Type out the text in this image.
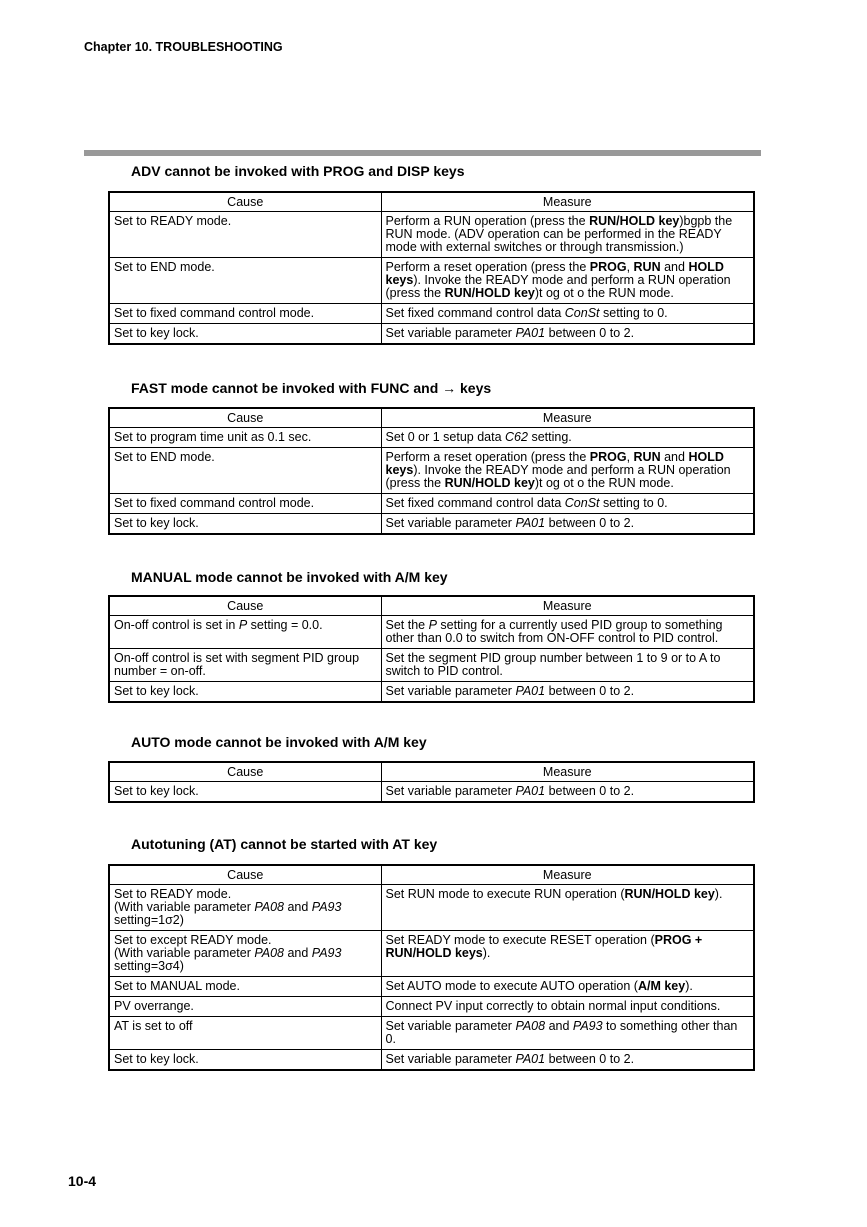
Chapter 10. TROUBLESHOOTING
ADV cannot be invoked with PROG and DISP keys
Cause	Measure
Set to READY mode.	Perform a RUN operation (press the RUN/HOLD key)bgpb the RUN mode. (ADV operation can be performed in the READY mode with external switches or through transmission.)
Set to END mode.	Perform a reset operation (press the PROG, RUN and HOLD keys). Invoke the READY mode and perform a RUN operation (press the RUN/HOLD key)t og ot o the RUN mode.
Set to fixed command control mode.	Set fixed command control data ConSt setting to 0.
Set to key lock.	Set variable parameter PA01 between 0 to 2.
FAST mode cannot be invoked with FUNC and → keys
Cause	Measure
Set to program time unit as 0.1 sec.	Set 0 or 1 setup data C62 setting.
Set to END mode.	Perform a reset operation (press the PROG, RUN and HOLD keys). Invoke the READY mode and perform a RUN operation (press the RUN/HOLD key)t og ot o the RUN mode.
Set to fixed command control mode.	Set fixed command control data ConSt setting to 0.
Set to key lock.	Set variable parameter PA01 between 0 to 2.
MANUAL mode cannot be invoked with A/M key
Cause	Measure
On-off control is set in P setting = 0.0.	Set the P setting for a currently used PID group to something other than 0.0 to switch from ON-OFF control to PID control.
On-off control is set with segment PID group number = on-off.	Set the segment PID group number between 1 to 9 or to A to switch to PID control.
Set to key lock.	Set variable parameter PA01 between 0 to 2.
AUTO mode cannot be invoked with A/M key
Cause	Measure
Set to key lock.	Set variable parameter PA01 between 0 to 2.
Autotuning (AT) cannot be started with AT key
Cause	Measure
Set to READY mode.
(With variable parameter PA08 and PA93 setting=1σ2)	Set RUN mode to execute RUN operation (RUN/HOLD key).
Set to except READY mode.
(With variable parameter PA08 and PA93 setting=3σ4)	Set READY mode to execute RESET operation (PROG + RUN/HOLD keys).
Set to MANUAL mode.	Set AUTO mode to execute AUTO operation (A/M key).
PV overrange.	Connect PV input correctly to obtain normal input conditions.
AT is set to off	Set variable parameter PA08 and PA93 to something other than 0.
Set to key lock.	Set variable parameter PA01 between 0 to 2.
10-4
